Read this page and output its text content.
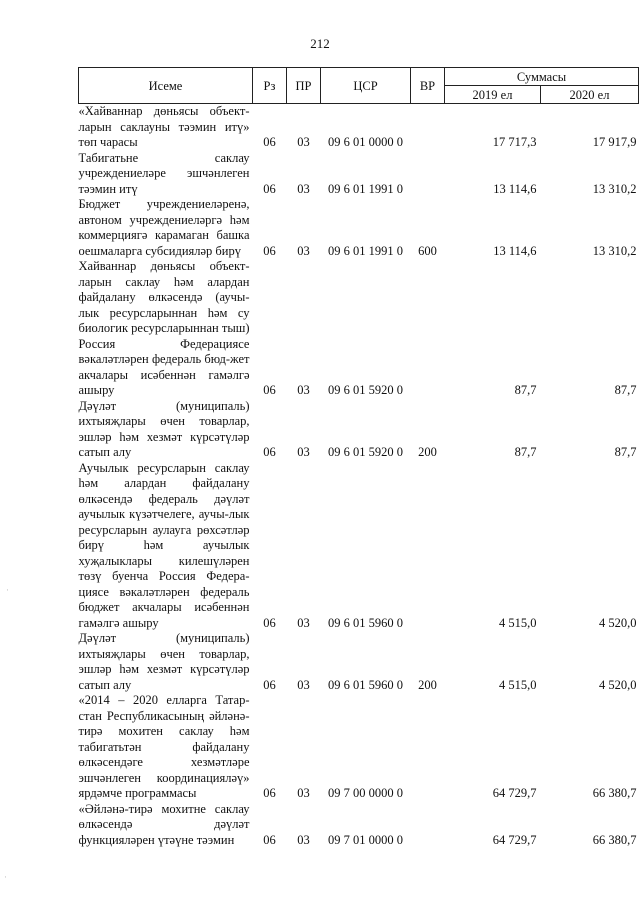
212
Исеме	Рз	ПР	ЦСР	ВР	Суммасы	
					2019 ел	2020 ел
«Хайваннар дөньясы объект-ларын саклауны тәэмин итү» төп чарасы	06	03	09 6 01 0000 0		17 717,3	17 917,9
Табигатьне саклау учреждениеләре эшчәнлеген тәэмин итү	06	03	09 6 01 1991 0		13 114,6	13 310,2
Бюджет учреждениеләренә, автоном учреждениеләргә һәм коммерциягә карамаган башка оешмаларга субсидияләр бирү	06	03	09 6 01 1991 0	600	13 114,6	13 310,2
Хайваннар дөньясы объект-ларын саклау һәм алардан файдалану өлкәсендә (аучы-лык ресурсларыннан һәм су биологик ресурсларыннан тыш) Россия Федерациясе вәкаләтләрен федераль бюд-жет акчалары исәбеннән гамәлгә ашыру	06	03	09 6 01 5920 0		87,7	87,7
Дәүләт (муниципаль) ихтыяҗлары өчен товарлар, эшләр һәм хезмәт күрсәтүләр сатып алу	06	03	09 6 01 5920 0	200	87,7	87,7
Аучылык ресурсларын саклау һәм алардан файдалану өлкәсендә федераль дәүләт аучылык күзәтчелеге, аучы-лык ресурсларын аулауга рөхсәтләр бирү һәм аучылык хуҗалыклары килешүләрен төзү буенча Россия Федера-циясе вәкаләтләрен федераль бюджет акчалары исәбеннән гамәлгә ашыру	06	03	09 6 01 5960 0		4 515,0	4 520,0
Дәүләт (муниципаль) ихтыяҗлары өчен товарлар, эшләр һәм хезмәт күрсәтүләр сатып алу	06	03	09 6 01 5960 0	200	4 515,0	4 520,0
«2014 – 2020 елларга Татар-стан Республикасының әйләнә-тирә мохитен саклау һәм табигатьтән файдалану өлкәсендәге хезмәтләре эшчәнлеген координацияләү» ярдәмче программасы	06	03	09 7 00 0000 0		64 729,7	66 380,7
«Әйләнә-тирә мохитне саклау өлкәсендә дәүләт функцияләрен үтәүне тәэмин	06	03	09 7 01 0000 0		64 729,7	66 380,7
·
·
